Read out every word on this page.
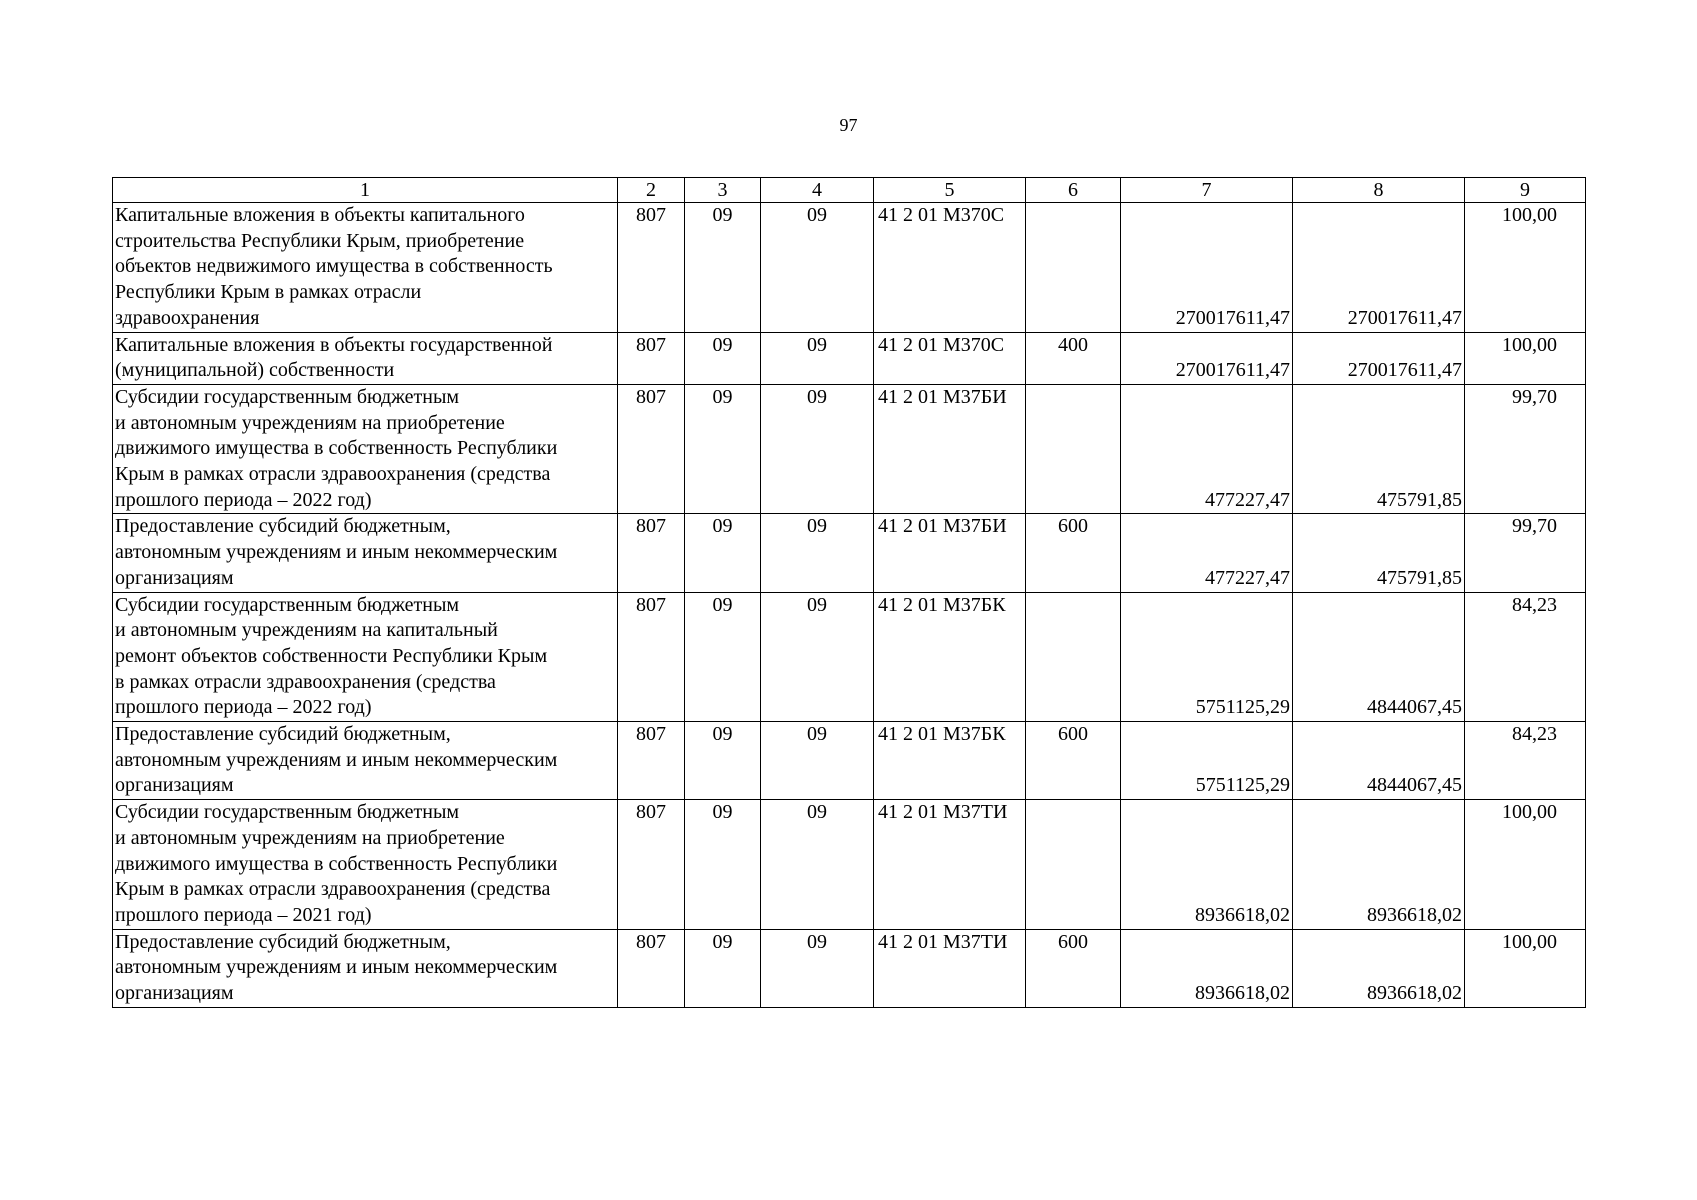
97
1	2	3	4	5	6	7	8	9

Капитальные вложения в объекты капитального
строительства Республики Крым, приобретение
объектов недвижимого имущества в собственность
Республики Крым в рамках отрасли
здравоохранения	807	09	09	41 2 01 М370С		270017611,47	270017611,47	100,00

Капитальные вложения в объекты государственной
(муниципальной) собственности	807	09	09	41 2 01 М370С	400	270017611,47	270017611,47	100,00

Субсидии государственным бюджетным
и автономным учреждениям на приобретение
движимого имущества в собственность Республики
Крым в рамках отрасли здравоохранения (средства
прошлого периода – 2022 год)	807	09	09	41 2 01 М37БИ		477227,47	475791,85	99,70

Предоставление субсидий бюджетным,
автономным учреждениям и иным некоммерческим
организациям	807	09	09	41 2 01 М37БИ	600	477227,47	475791,85	99,70

Субсидии государственным бюджетным
и автономным учреждениям на капитальный
ремонт объектов собственности Республики Крым
в рамках отрасли здравоохранения (средства
прошлого периода – 2022 год)	807	09	09	41 2 01 М37БК		5751125,29	4844067,45	84,23

Предоставление субсидий бюджетным,
автономным учреждениям и иным некоммерческим
организациям	807	09	09	41 2 01 М37БК	600	5751125,29	4844067,45	84,23

Субсидии государственным бюджетным
и автономным учреждениям на приобретение
движимого имущества в собственность Республики
Крым в рамках отрасли здравоохранения (средства
прошлого периода – 2021 год)	807	09	09	41 2 01 М37ТИ		8936618,02	8936618,02	100,00

Предоставление субсидий бюджетным,
автономным учреждениям и иным некоммерческим
организациям	807	09	09	41 2 01 М37ТИ	600	8936618,02	8936618,02	100,00
